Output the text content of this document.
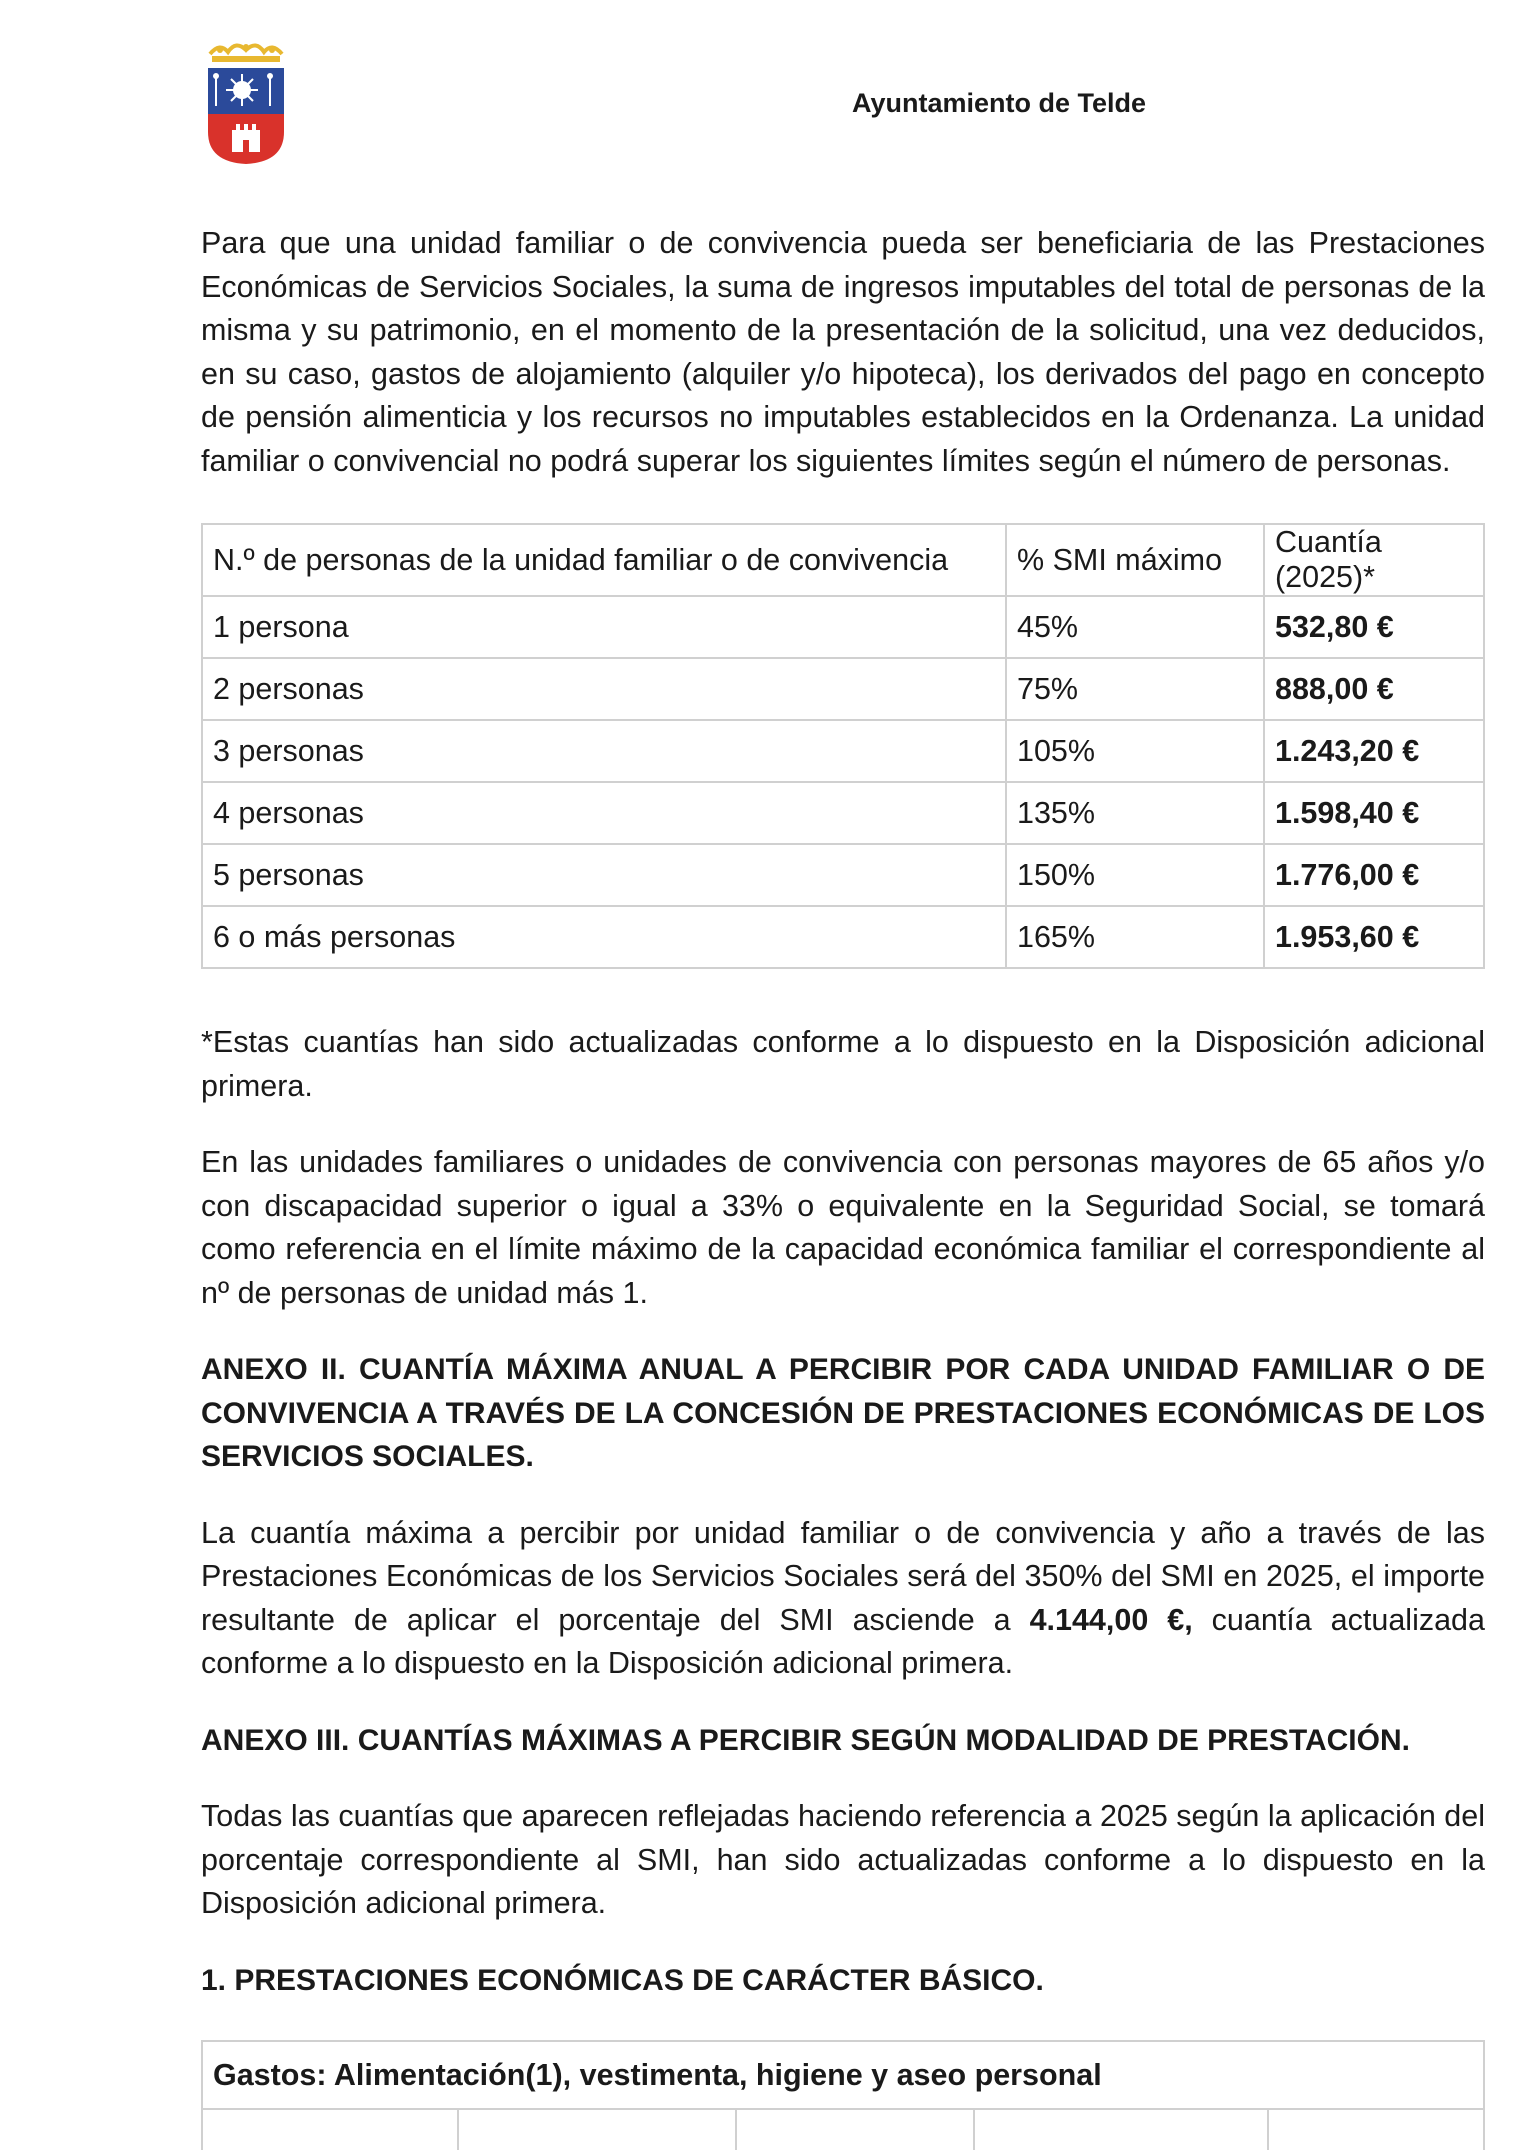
Ayuntamiento de Telde

Para que una unidad familiar o de convivencia pueda ser beneficiaria de las Prestaciones Económicas de Servicios Sociales, la suma de ingresos imputables del total de personas de la misma y su patrimonio, en el momento de la presentación de la solicitud, una vez deducidos, en su caso, gastos de alojamiento (alquiler y/o hipoteca), los derivados del pago en concepto de pensión alimenticia y los recursos no imputables establecidos en la Ordenanza. La unidad familiar o convivencial no podrá superar los siguientes límites según el número de personas.

N.º de personas de la unidad familiar o de convivencia	% SMI máximo	Cuantía (2025)*
1 persona	45%	532,80 €
2 personas	75%	888,00 €
3 personas	105%	1.243,20 €
4 personas	135%	1.598,40 €
5 personas	150%	1.776,00 €
6 o más personas	165%	1.953,60 €

*Estas cuantías han sido actualizadas conforme a lo dispuesto en la Disposición adicional primera.

En las unidades familiares o unidades de convivencia con personas mayores de 65 años y/o con discapacidad superior o igual a 33% o equivalente en la Seguridad Social, se tomará como referencia en el límite máximo de la capacidad económica familiar el correspondiente al nº de personas de unidad más 1.

ANEXO II. CUANTÍA MÁXIMA ANUAL A PERCIBIR POR CADA UNIDAD FAMILIAR O DE CONVIVENCIA A TRAVÉS DE LA CONCESIÓN DE PRESTACIONES ECONÓMICAS DE LOS SERVICIOS SOCIALES.

La cuantía máxima a percibir por unidad familiar o de convivencia y año a través de las Prestaciones Económicas de los Servicios Sociales será del 350% del SMI en 2025, el importe resultante de aplicar el porcentaje del SMI asciende a 4.144,00 €, cuantía actualizada conforme a lo dispuesto en la Disposición adicional primera.

ANEXO III. CUANTÍAS MÁXIMAS A PERCIBIR SEGÚN MODALIDAD DE PRESTACIÓN.

Todas las cuantías que aparecen reflejadas haciendo referencia a 2025 según la aplicación del porcentaje correspondiente al SMI, han sido actualizadas conforme a lo dispuesto en la Disposición adicional primera.

1. PRESTACIONES ECONÓMICAS DE CARÁCTER BÁSICO.

Gastos: Alimentación(1), vestimenta, higiene y aseo personal
